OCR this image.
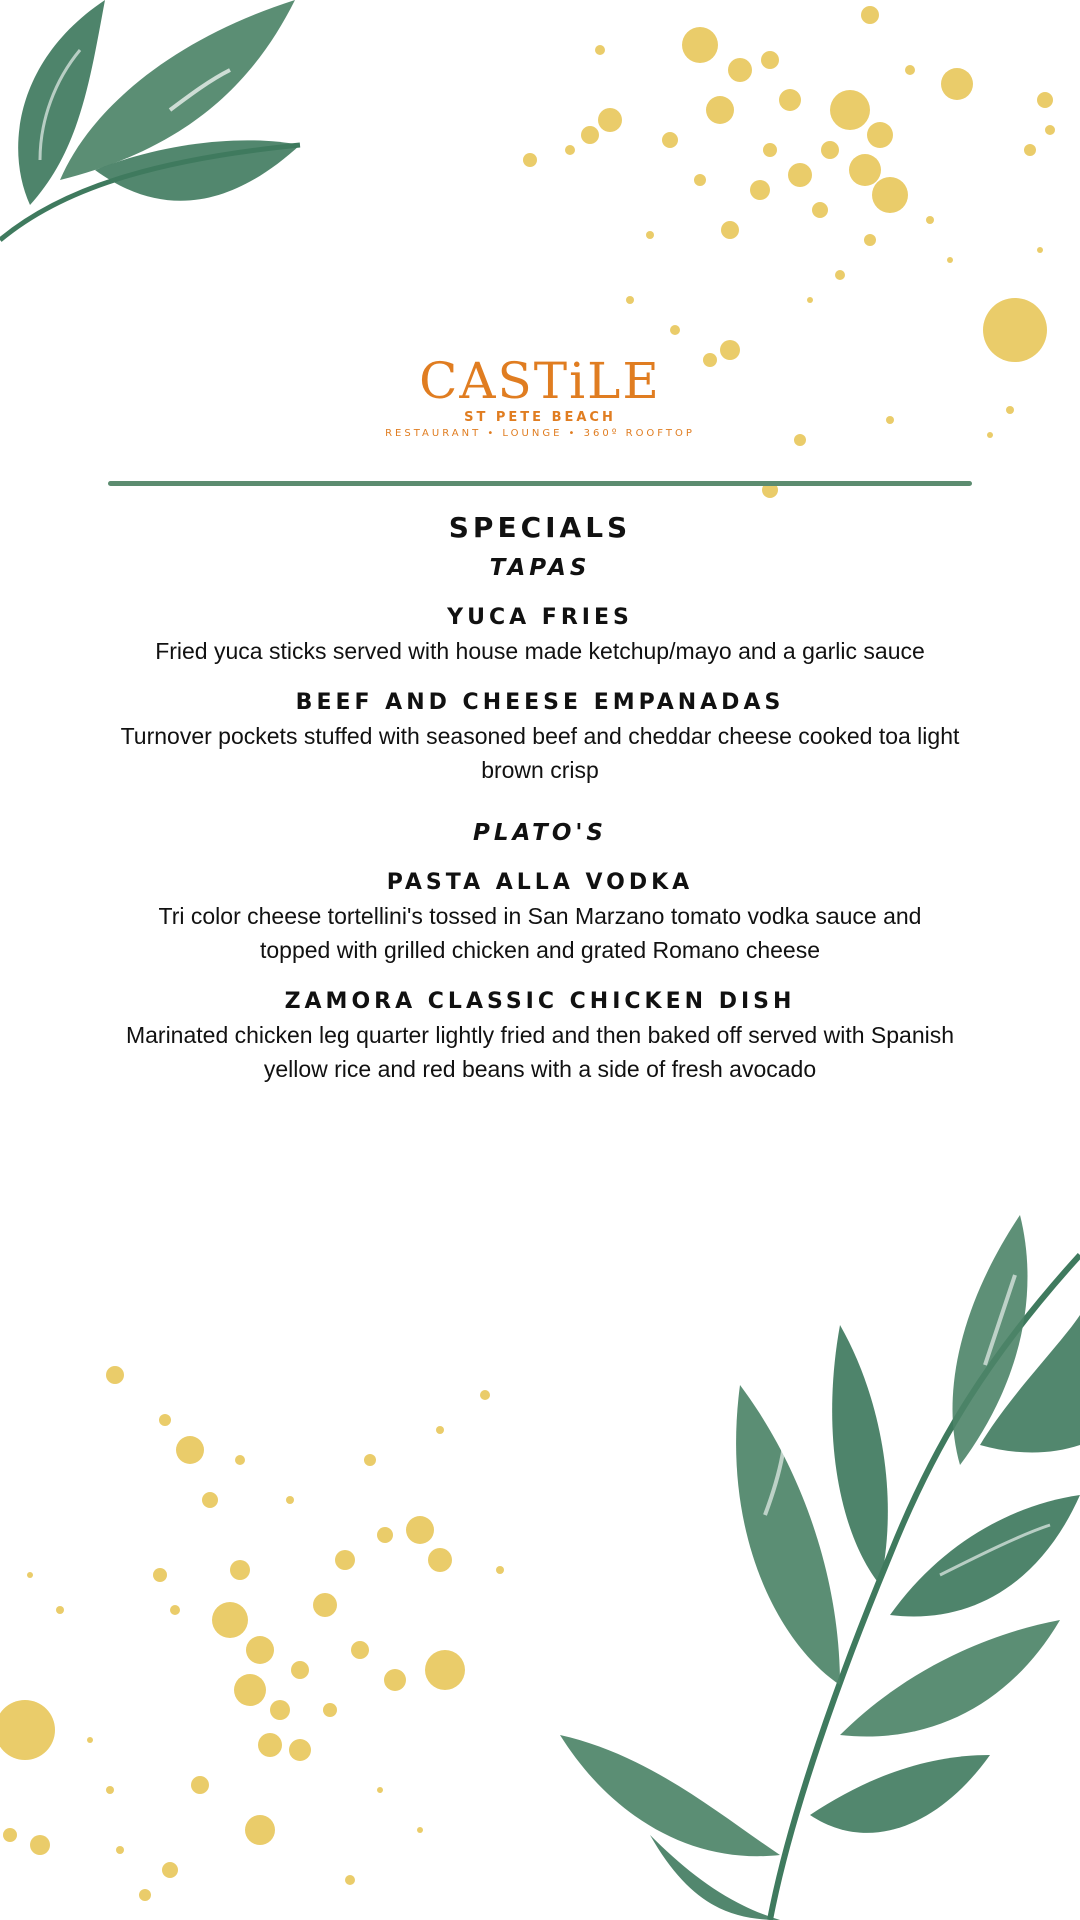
CASTiLE
ST PETE BEACH
RESTAURANT • LOUNGE • 360º ROOFTOP
SPECIALS
TAPAS
YUCA FRIES

Fried yuca sticks served with house made ketchup/mayo and a garlic sauce

BEEF AND CHEESE EMPANADAS

Turnover pockets stuffed with seasoned beef and cheddar cheese cooked toa light brown crisp

PLATO'S
PASTA ALLA VODKA

Tri color cheese tortellini's tossed in San Marzano tomato vodka sauce and topped with grilled chicken and grated Romano cheese

ZAMORA CLASSIC CHICKEN DISH

Marinated chicken leg quarter lightly fried and then baked off served with Spanish yellow rice and red beans with a side of fresh avocado
